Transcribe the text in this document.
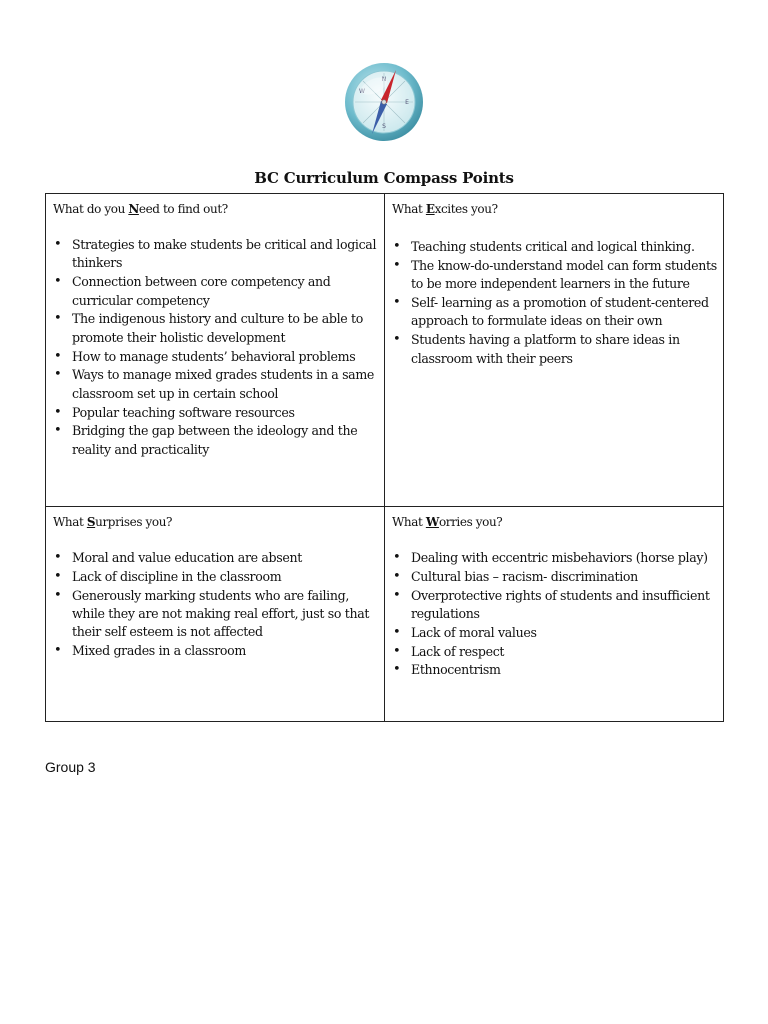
N
E
S
W
BC Curriculum Compass Points
What do you Need to find out?
• Strategies to make students be critical and logical thinkers
• Connection between core competency and curricular competency
• The indigenous history and culture to be able to promote their holistic development
• How to manage students’ behavioral problems
• Ways to manage mixed grades students in a same classroom set up in certain school
• Popular teaching software resources
• Bridging the gap between the ideology and the reality and practicality
What Excites you?
• Teaching students critical and logical thinking.
• The know-do-understand model can form students to be more independent learners in the future
• Self- learning as a promotion of student-centered approach to formulate ideas on their own
• Students having a platform to share ideas in classroom with their peers
What Surprises you?
• Moral and value education are absent
• Lack of discipline in the classroom
• Generously marking students who are failing, while they are not making real effort, just so that their self esteem is not affected
• Mixed grades in a classroom
What Worries you?
• Dealing with eccentric misbehaviors (horse play)
• Cultural bias – racism- discrimination
• Overprotective rights of students and insufficient regulations
• Lack of moral values
• Lack of respect
• Ethnocentrism
Group 3
